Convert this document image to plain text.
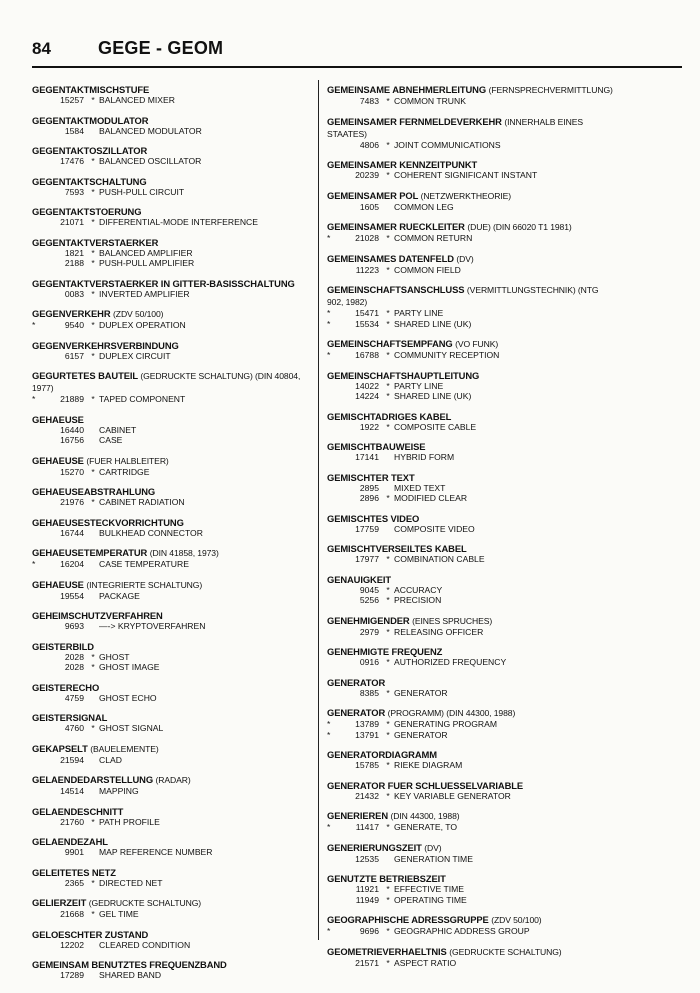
84	GEGE - GEOM
GEGENTAKTMISCHSTUFE
15257 * BALANCED MIXER
GEGENTAKTMODULATOR
1584	BALANCED MODULATOR
GEGENTAKTOSZILLATOR
17476 * BALANCED OSCILLATOR
GEGENTAKTSCHALTUNG
7593 * PUSH-PULL CIRCUIT
GEGENTAKTSTOERUNG
21071 * DIFFERENTIAL-MODE INTERFERENCE
GEGENTAKTVERSTAERKER
1821 * BALANCED AMPLIFIER
2188 * PUSH-PULL AMPLIFIER
GEGENTAKTVERSTAERKER IN GITTER-BASISSCHALTUNG
0083 * INVERTED AMPLIFIER
GEGENVERKEHR (ZDV 50/100)
*	9540 * DUPLEX OPERATION
GEGENVERKEHRSVERBINDUNG
6157 * DUPLEX CIRCUIT
GEGURTETES BAUTEIL (GEDRUCKTE SCHALTUNG) (DIN 40804, 1977)
*	21889 * TAPED COMPONENT
GEHAEUSE
16440	CABINET
16756	CASE
GEHAEUSE (FUER HALBLEITER)
15270 * CARTRIDGE
GEHAEUSEABSTRAHLUNG
21976 * CABINET RADIATION
GEHAEUSESTECKVORRICHTUNG
16744	BULKHEAD CONNECTOR
GEHAEUSETEMPERATUR (DIN 41858, 1973)
*	16204	CASE TEMPERATURE
GEHAEUSE (INTEGRIERTE SCHALTUNG)
19554	PACKAGE
GEHEIMSCHUTZVERFAHREN
9693	—-> KRYPTOVERFAHREN
GEISTERBILD
2028 * GHOST
2028 * GHOST IMAGE
GEISTERECHO
4759	GHOST ECHO
GEISTERSIGNAL
4760 * GHOST SIGNAL
GEKAPSELT (BAUELEMENTE)
21594	CLAD
GELAENDEDARSTELLUNG (RADAR)
14514	MAPPING
GELAENDESCHNITT
21760 * PATH PROFILE
GELAENDEZAHL
9901	MAP REFERENCE NUMBER
GELEITETES NETZ
2365 * DIRECTED NET
GELIERZEIT (GEDRUCKTE SCHALTUNG)
21668 * GEL TIME
GELOESCHTER ZUSTAND
12202	CLEARED CONDITION
GEMEINSAM BENUTZTES FREQUENZBAND
17289	SHARED BAND
GEMEINSAME ABNEHMERLEITUNG (FERNSPRECHVERMITTLUNG)
7483 * COMMON TRUNK
GEMEINSAMER FERNMELDEVERKEHR (INNERHALB EINES STAATES)
4806 * JOINT COMMUNICATIONS
GEMEINSAMER KENNZEITPUNKT
20239 * COHERENT SIGNIFICANT INSTANT
GEMEINSAMER POL (NETZWERKTHEORIE)
1605	COMMON LEG
GEMEINSAMER RUECKLEITER (DUE) (DIN 66020 T1 1981)
*	21028 * COMMON RETURN
GEMEINSAMES DATENFELD (DV)
11223 * COMMON FIELD
GEMEINSCHAFTSANSCHLUSS (VERMITTLUNGSTECHNIK) (NTG 902, 1982)
*	15471 * PARTY LINE
*	15534 * SHARED LINE (UK)
GEMEINSCHAFTSEMPFANG (VO FUNK)
*	16788 * COMMUNITY RECEPTION
GEMEINSCHAFTSHAUPTLEITUNG
14022 * PARTY LINE
14224 * SHARED LINE (UK)
GEMISCHTADRIGES KABEL
1922 * COMPOSITE CABLE
GEMISCHTBAUWEISE
17141	HYBRID FORM
GEMISCHTER TEXT
2895	MIXED TEXT
2896 * MODIFIED CLEAR
GEMISCHTES VIDEO
17759	COMPOSITE VIDEO
GEMISCHTVERSEILTES KABEL
17977 * COMBINATION CABLE
GENAUIGKEIT
9045 * ACCURACY
5256 * PRECISION
GENEHMIGENDER (EINES SPRUCHES)
2979 * RELEASING OFFICER
GENEHMIGTE FREQUENZ
0916 * AUTHORIZED FREQUENCY
GENERATOR
8385 * GENERATOR
GENERATOR (PROGRAMM) (DIN 44300, 1988)
*	13789 * GENERATING PROGRAM
*	13791 * GENERATOR
GENERATORDIAGRAMM
15785 * RIEKE DIAGRAM
GENERATOR FUER SCHLUESSELVARIABLE
21432 * KEY VARIABLE GENERATOR
GENERIEREN (DIN 44300, 1988)
*	11417 * GENERATE, TO
GENERIERUNGSZEIT (DV)
12535	GENERATION TIME
GENUTZTE BETRIEBSZEIT
11921 * EFFECTIVE TIME
11949 * OPERATING TIME
GEOGRAPHISCHE ADRESSGRUPPE (ZDV 50/100)
*	9696 * GEOGRAPHIC ADDRESS GROUP
GEOMETRIEVERHAELTNIS (GEDRUCKTE SCHALTUNG)
21571 * ASPECT RATIO
